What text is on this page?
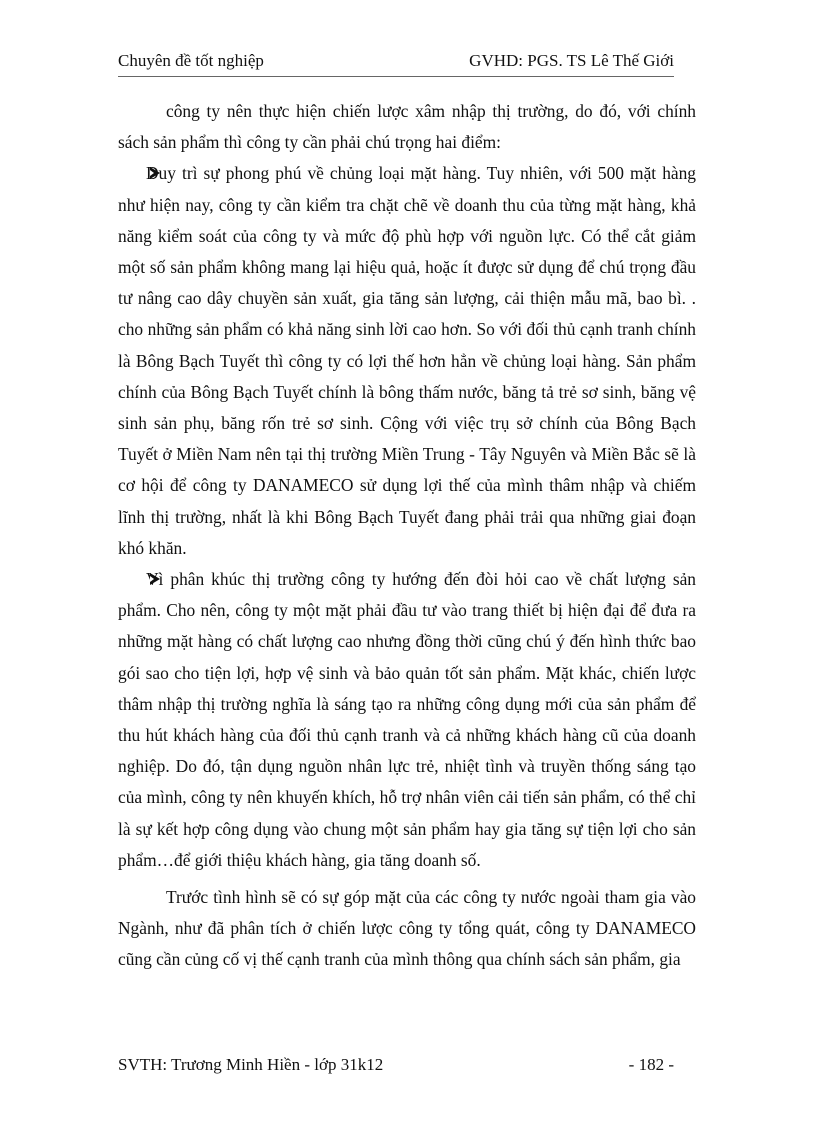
Chuyên đề tốt nghiệp	GVHD: PGS. TS Lê Thế Giới

công ty nên thực hiện chiến lược xâm nhập thị trường, do đó, với chính sách sản phẩm thì công ty cần phải chú trọng hai điểm:

Duy trì sự phong phú về chủng loại mặt hàng. Tuy nhiên, với 500 mặt hàng như hiện nay, công ty cần kiểm tra chặt chẽ về doanh thu của từng mặt hàng, khả năng kiểm soát của công ty và mức độ phù hợp với nguồn lực. Có thể cắt giảm một số sản phẩm không mang lại hiệu quả, hoặc ít được sử dụng để chú trọng đầu tư nâng cao dây chuyền sản xuất, gia tăng sản lượng, cải thiện mẫu mã, bao bì. . cho những sản phẩm có khả năng sinh lời cao hơn. So với đối thủ cạnh tranh chính là Bông Bạch Tuyết thì công ty có lợi thế hơn hẳn về chủng loại hàng. Sản phẩm chính của Bông Bạch Tuyết chính là bông thấm nước, băng tả trẻ sơ sinh, băng vệ sinh sản phụ, băng rốn trẻ sơ sinh. Cộng với việc trụ sở chính của Bông Bạch Tuyết ở Miền Nam nên tại thị trường Miền Trung - Tây Nguyên và Miền Bắc sẽ là cơ hội để công ty DANAMECO sử dụng lợi thế của mình thâm nhập và chiếm lĩnh thị trường, nhất là khi Bông Bạch Tuyết đang phải trải qua những giai đoạn khó khăn.

Vì phân khúc thị trường công ty hướng đến đòi hỏi cao về chất lượng sản phẩm. Cho nên, công ty một mặt phải đầu tư vào trang thiết bị hiện đại để đưa ra những mặt hàng có chất lượng cao nhưng đồng thời cũng chú ý đến hình thức bao gói sao cho tiện lợi, hợp vệ sinh và bảo quản tốt sản phẩm. Mặt khác, chiến lược thâm nhập thị trường nghĩa là sáng tạo ra những công dụng mới của sản phẩm để thu hút khách hàng của đối thủ cạnh tranh và cả những khách hàng cũ của doanh nghiệp. Do đó, tận dụng nguồn nhân lực trẻ, nhiệt tình và truyền thống sáng tạo của mình, công ty nên khuyến khích, hỗ trợ nhân viên cải tiến sản phẩm, có thể chỉ là sự kết hợp công dụng vào chung một sản phẩm hay gia tăng sự tiện lợi cho sản phẩm…để giới thiệu khách hàng, gia tăng doanh số.

Trước tình hình sẽ có sự góp mặt của các công ty nước ngoài tham gia vào Ngành, như đã phân tích ở chiến lược công ty tổng quát, công ty DANAMECO cũng cần củng cố vị thế cạnh tranh của mình thông qua chính sách sản phẩm, gia

SVTH: Trương Minh Hiền - lớp 31k12	- 182 -
